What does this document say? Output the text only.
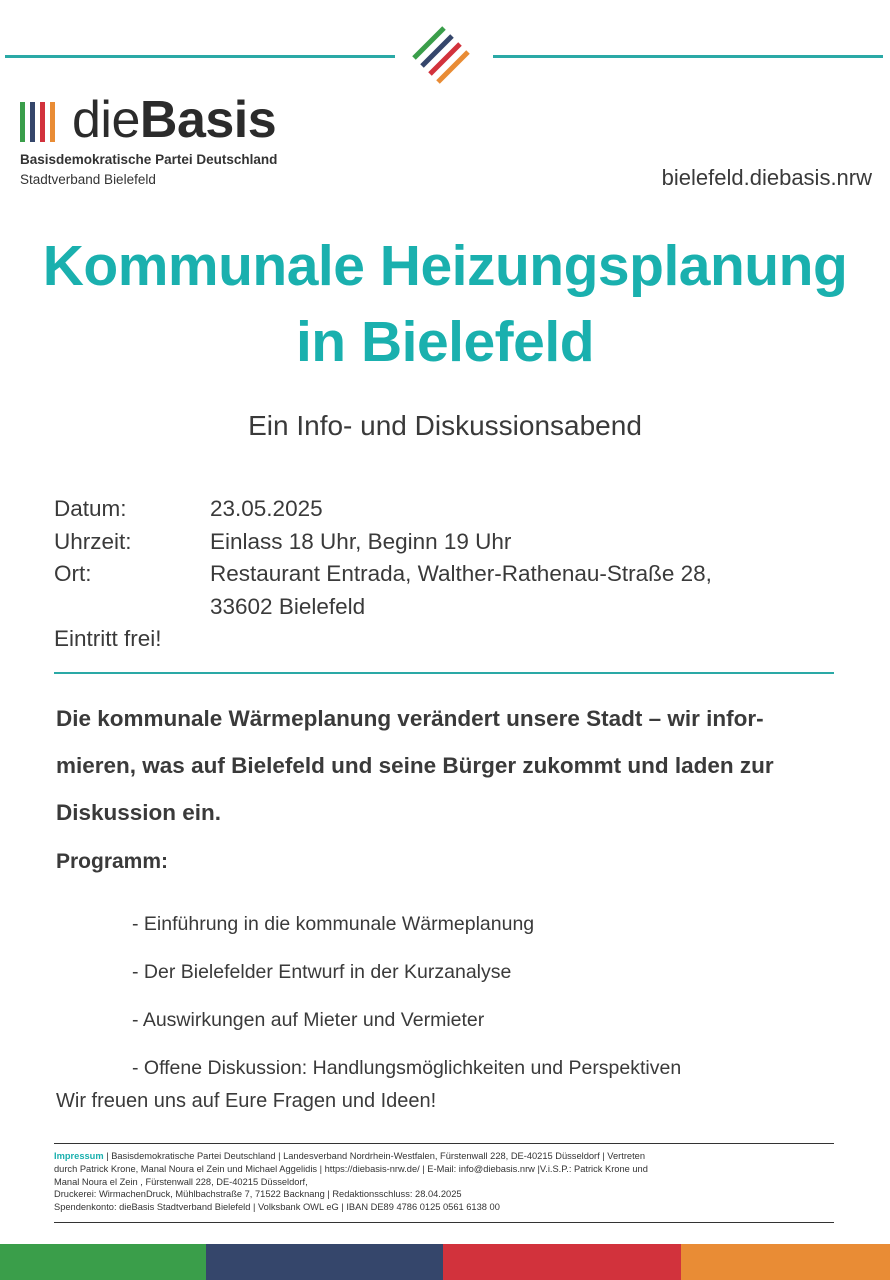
dieBasis
Basisdemokratische Partei Deutschland
Stadtverband Bielefeld	bielefeld.diebasis.nrw
Kommunale Heizungsplanung
in Bielefeld
Ein Info- und Diskussionsabend
Datum:	23.05.2025
Uhrzeit:	Einlass 18 Uhr, Beginn 19 Uhr
Ort:	Restaurant Entrada, Walther-Rathenau-Straße 28,
33602 Bielefeld
Eintritt frei!
Die kommunale Wärmeplanung verändert unsere Stadt – wir infor-
mieren, was auf Bielefeld und seine Bürger zukommt und laden zur
Diskussion ein.
Programm:
- Einführung in die kommunale Wärmeplanung
- Der Bielefelder Entwurf in der Kurzanalyse
- Auswirkungen auf Mieter und Vermieter
- Offene Diskussion: Handlungsmöglichkeiten und Perspektiven
Wir freuen uns auf Eure Fragen und Ideen!
Impressum | Basisdemokratische Partei Deutschland | Landesverband Nordrhein-Westfalen, Fürstenwall 228, DE-40215 Düsseldorf | Vertreten
durch Patrick Krone, Manal Noura el Zein und Michael Aggelidis | https://diebasis-nrw.de/ | E-Mail: info@diebasis.nrw |V.i.S.P.: Patrick Krone und
Manal Noura el Zein , Fürstenwall 228, DE-40215 Düsseldorf,
Druckerei: WirmachenDruck, Mühlbachstraße 7, 71522 Backnang | Redaktionsschluss: 28.04.2025
Spendenkonto: dieBasis Stadtverband Bielefeld | Volksbank OWL eG | IBAN DE89 4786 0125 0561 6138 00
